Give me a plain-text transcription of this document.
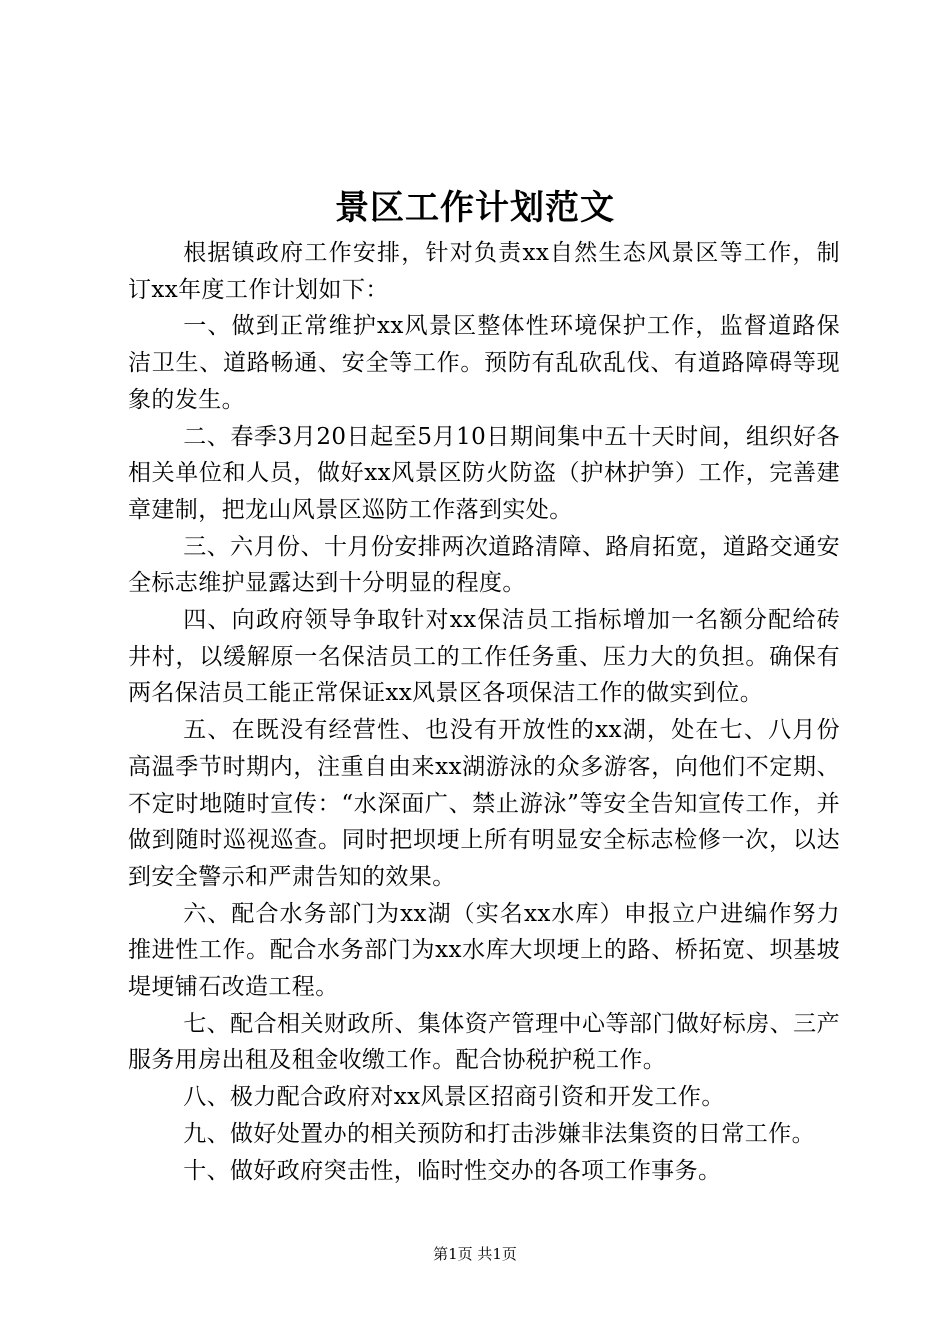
景区工作计划范文

根据镇政府工作安排，针对负责xx自然生态风景区等工作，制订xx年度工作计划如下：

一、做到正常维护xx风景区整体性环境保护工作，监督道路保洁卫生、道路畅通、安全等工作。预防有乱砍乱伐、有道路障碍等现象的发生。

二、春季3月20日起至5月10日期间集中五十天时间，组织好各相关单位和人员，做好xx风景区防火防盗（护林护笋）工作，完善建章建制，把龙山风景区巡防工作落到实处。

三、六月份、十月份安排两次道路清障、路肩拓宽，道路交通安全标志维护显露达到十分明显的程度。

四、向政府领导争取针对xx保洁员工指标增加一名额分配给砖井村，以缓解原一名保洁员工的工作任务重、压力大的负担。确保有两名保洁员工能正常保证xx风景区各项保洁工作的做实到位。

五、在既没有经营性、也没有开放性的xx湖，处在七、八月份高温季节时期内，注重自由来xx湖游泳的众多游客，向他们不定期、不定时地随时宣传：“水深面广、禁止游泳”等安全告知宣传工作，并做到随时巡视巡查。同时把坝埂上所有明显安全标志检修一次，以达到安全警示和严肃告知的效果。

六、配合水务部门为xx湖（实名xx水库）申报立户进编作努力推进性工作。配合水务部门为xx水库大坝埂上的路、桥拓宽、坝基坡堤埂铺石改造工程。

七、配合相关财政所、集体资产管理中心等部门做好标房、三产服务用房出租及租金收缴工作。配合协税护税工作。

八、极力配合政府对xx风景区招商引资和开发工作。

九、做好处置办的相关预防和打击涉嫌非法集资的日常工作。

十、做好政府突击性，临时性交办的各项工作事务。

第1页 共1页
